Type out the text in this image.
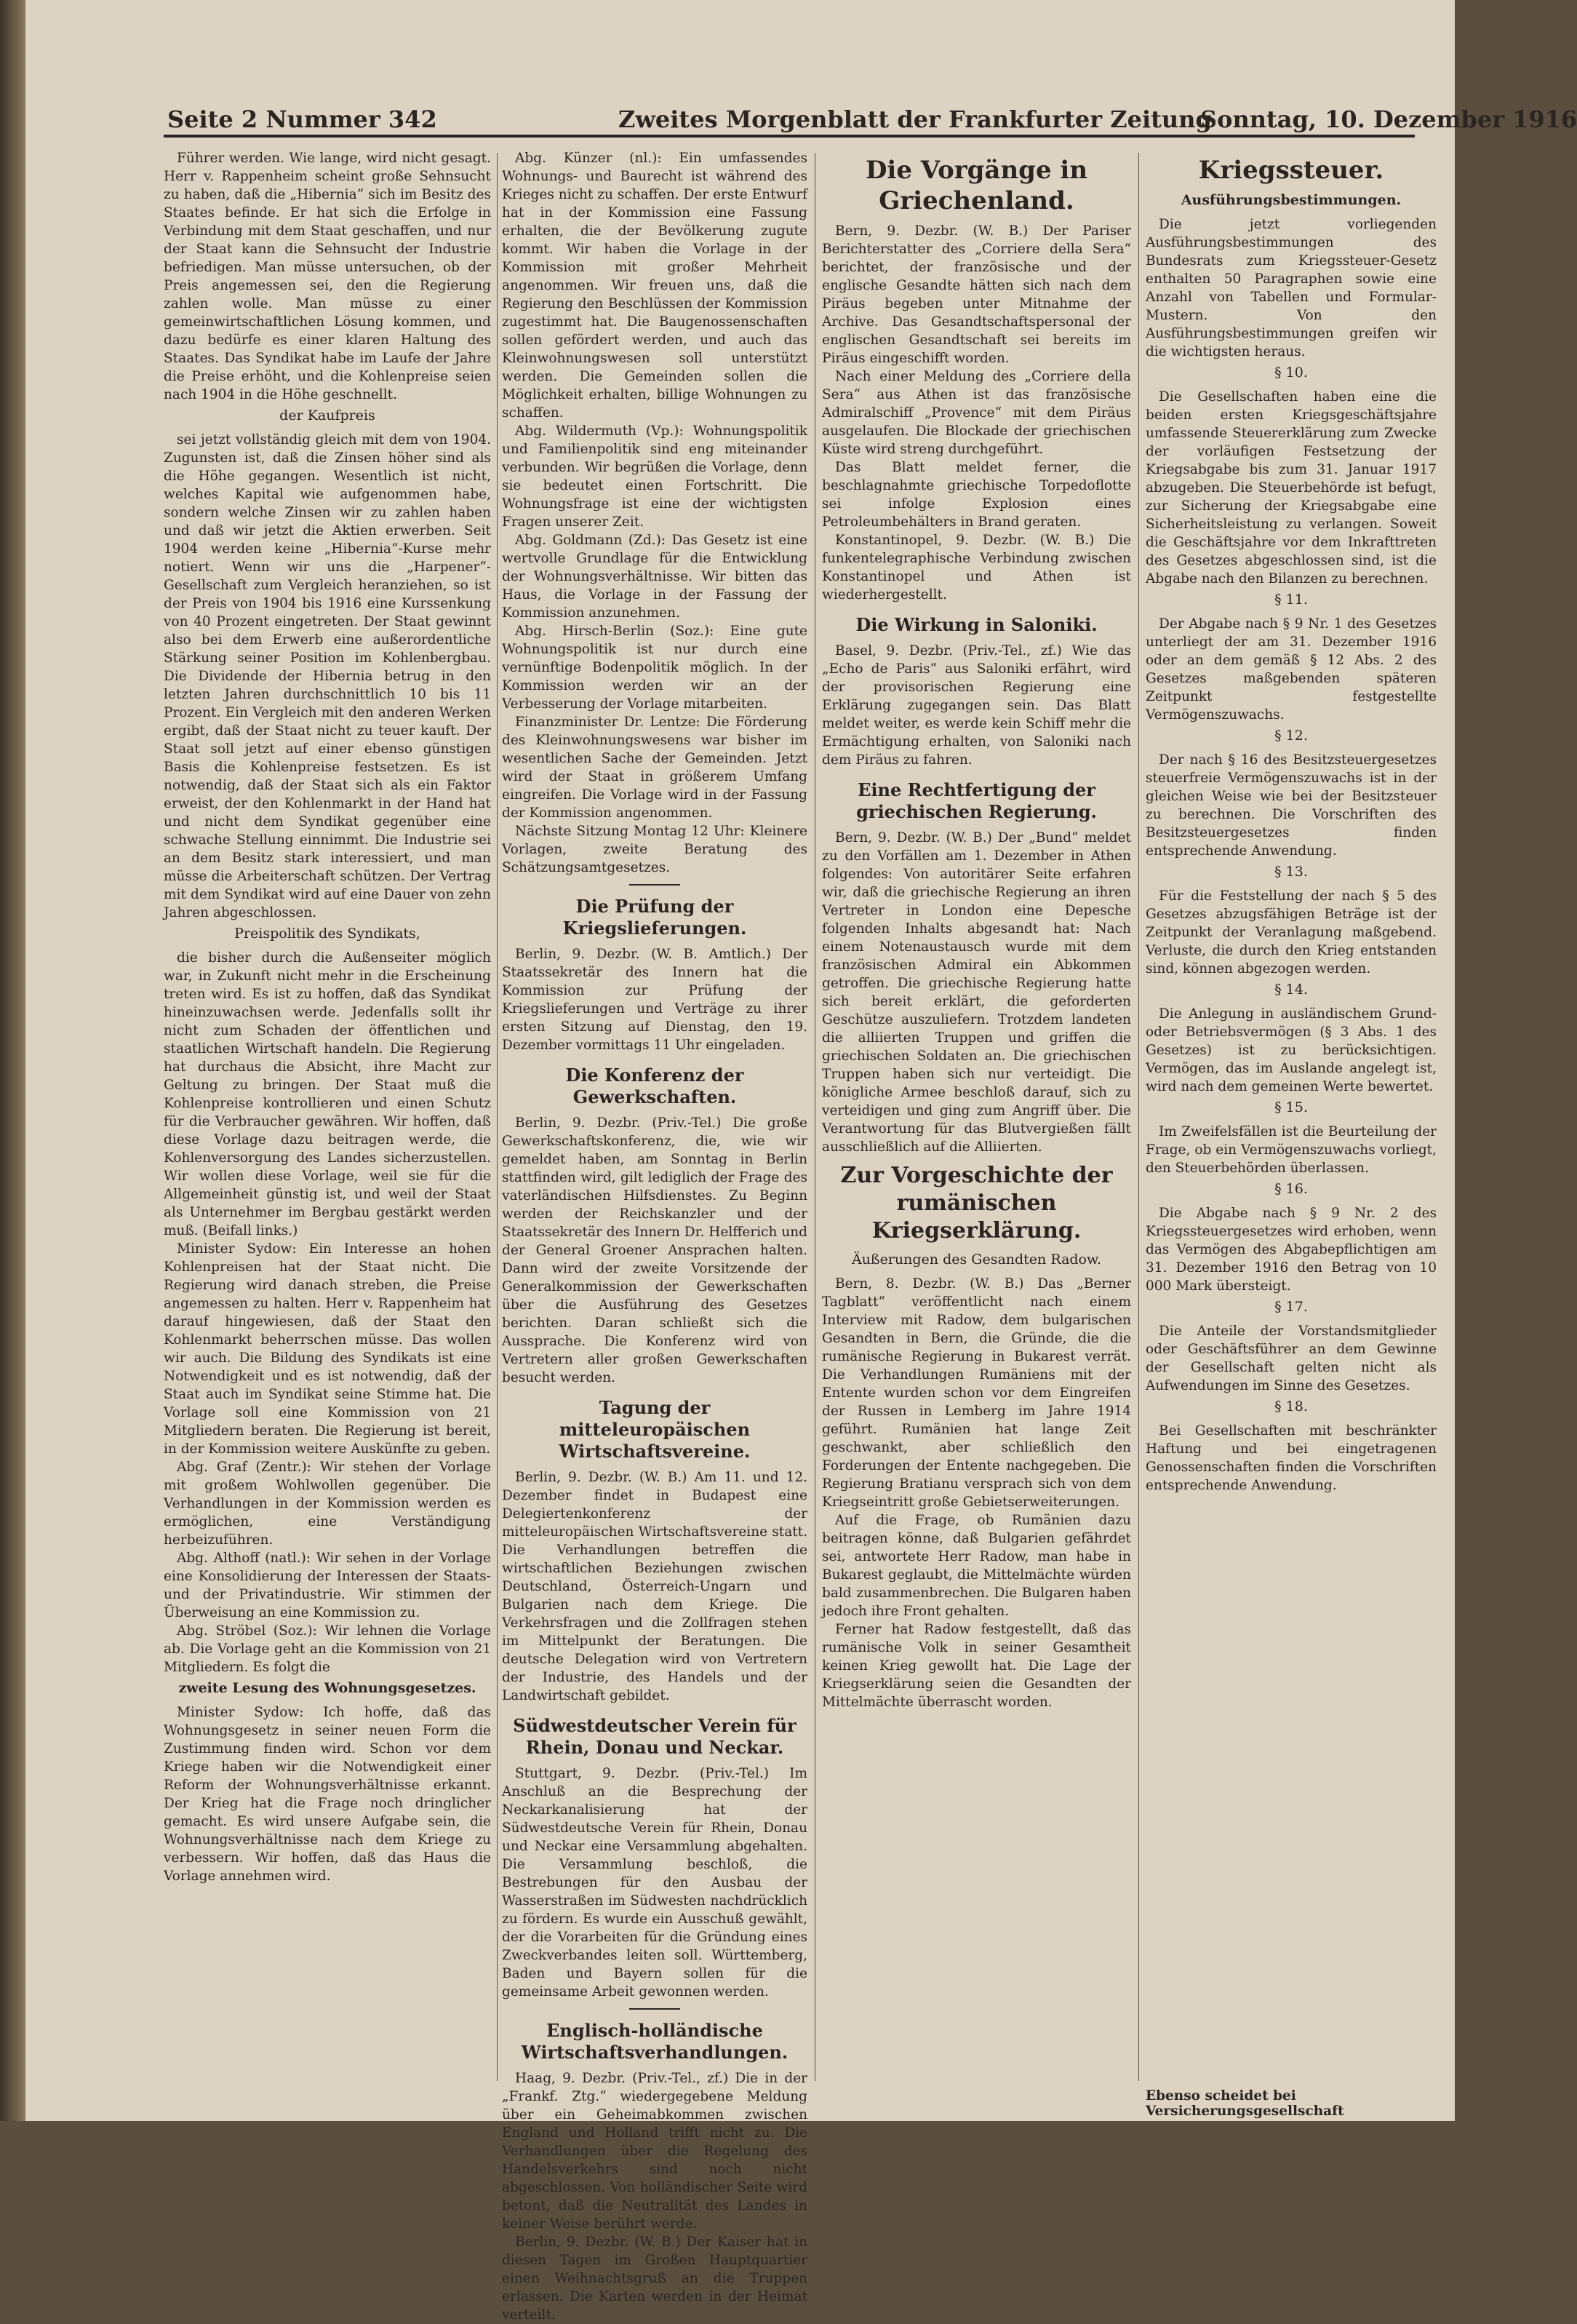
Seite 2 Nummer 342	Zweites Morgenblatt der Frankfurter Zeitung
Sonntag, 10. Dezember 1916

Führer werden. Wie lange, wird nicht gesagt. Herr v. Rappenheim scheint große Sehnsucht zu haben, daß die „Hibernia“ sich im Besitz des Staates befinde. Er hat sich die Erfolge in Verbindung mit dem Staat geschaffen, und nur der Staat kann die Sehnsucht der Industrie befriedigen. Man müsse untersuchen, ob der Preis angemessen sei, den die Regierung zahlen wolle. Man müsse zu einer gemeinwirtschaftlichen Lösung kommen, und dazu bedürfe es einer klaren Haltung des Staates. Das Syndikat habe im Laufe der Jahre die Preise erhöht, und die Kohlenpreise seien nach 1904 in die Höhe geschnellt.

der Kaufpreis

sei jetzt vollständig gleich mit dem von 1904. Zugunsten ist, daß die Zinsen höher sind als die Höhe gegangen. Wesentlich ist nicht, welches Kapital wie aufgenommen habe, sondern welche Zinsen wir zu zahlen haben und daß wir jetzt die Aktien erwerben. Seit 1904 werden keine „Hibernia“-Kurse mehr notiert. Wenn wir uns die „Harpener“-Gesellschaft zum Vergleich heranziehen, so ist der Preis von 1904 bis 1916 eine Kurssenkung von 40 Prozent eingetreten. Der Staat gewinnt also bei dem Erwerb eine außerordentliche Stärkung seiner Position im Kohlenbergbau. Die Dividende der Hibernia betrug in den letzten Jahren durchschnittlich 10 bis 11 Prozent. Ein Vergleich mit den anderen Werken ergibt, daß der Staat nicht zu teuer kauft. Der Staat soll jetzt auf einer ebenso günstigen Basis die Kohlenpreise festsetzen. Es ist notwendig, daß der Staat sich als ein Faktor erweist, der den Kohlenmarkt in der Hand hat und nicht dem Syndikat gegenüber eine schwache Stellung einnimmt. Die Industrie sei an dem Besitz stark interessiert, und man müsse die Arbeiterschaft schützen. Der Vertrag mit dem Syndikat wird auf eine Dauer von zehn Jahren abgeschlossen.

Preispolitik des Syndikats,

die bisher durch die Außenseiter möglich war, in Zukunft nicht mehr in die Erscheinung treten wird. Es ist zu hoffen, daß das Syndikat hineinzuwachsen werde. Jedenfalls sollt ihr nicht zum Schaden der öffentlichen und staatlichen Wirtschaft handeln. Die Regierung hat durchaus die Absicht, ihre Macht zur Geltung zu bringen. Der Staat muß die Kohlenpreise kontrollieren und einen Schutz für die Verbraucher gewähren. Wir hoffen, daß diese Vorlage dazu beitragen werde, die Kohlenversorgung des Landes sicherzustellen. Wir wollen diese Vorlage, weil sie für die Allgemeinheit günstig ist, und weil der Staat als Unternehmer im Bergbau gestärkt werden muß. (Beifall links.)

Minister Sydow: Ein Interesse an hohen Kohlenpreisen hat der Staat nicht. Die Regierung wird danach streben, die Preise angemessen zu halten. Herr v. Rappenheim hat darauf hingewiesen, daß der Staat den Kohlenmarkt beherrschen müsse. Das wollen wir auch. Die Bildung des Syndikats ist eine Notwendigkeit und es ist notwendig, daß der Staat auch im Syndikat seine Stimme hat. Die Vorlage soll eine Kommission von 21 Mitgliedern beraten. Die Regierung ist bereit, in der Kommission weitere Auskünfte zu geben.

Abg. Graf (Zentr.): Wir stehen der Vorlage mit großem Wohlwollen gegenüber. Die Verhandlungen in der Kommission werden es ermöglichen, eine Verständigung herbeizuführen.

Abg. Althoff (natl.): Wir sehen in der Vorlage eine Konsolidierung der Interessen der Staats- und der Privatindustrie. Wir stimmen der Überweisung an eine Kommission zu.

Abg. Ströbel (Soz.): Wir lehnen die Vorlage ab. Die Vorlage geht an die Kommission von 21 Mitgliedern. Es folgt die

zweite Lesung des Wohnungsgesetzes.

Minister Sydow: Ich hoffe, daß das Wohnungsgesetz in seiner neuen Form die Zustimmung finden wird. Schon vor dem Kriege haben wir die Notwendigkeit einer Reform der Wohnungsverhältnisse erkannt. Der Krieg hat die Frage noch dringlicher gemacht. Es wird unsere Aufgabe sein, die Wohnungsverhältnisse nach dem Kriege zu verbessern. Wir hoffen, daß das Haus die Vorlage annehmen wird.

Abg. Künzer (nl.): Ein umfassendes Wohnungs- und Baurecht ist während des Krieges nicht zu schaffen. Der erste Entwurf hat in der Kommission eine Fassung erhalten, die der Bevölkerung zugute kommt. Wir haben die Vorlage in der Kommission mit großer Mehrheit angenommen. Wir freuen uns, daß die Regierung den Beschlüssen der Kommission zugestimmt hat. Die Baugenossenschaften sollen gefördert werden, und auch das Kleinwohnungswesen soll unterstützt werden. Die Gemeinden sollen die Möglichkeit erhalten, billige Wohnungen zu schaffen.

Abg. Wildermuth (Vp.): Wohnungspolitik und Familienpolitik sind eng miteinander verbunden. Wir begrüßen die Vorlage, denn sie bedeutet einen Fortschritt. Die Wohnungsfrage ist eine der wichtigsten Fragen unserer Zeit.

Abg. Goldmann (Zd.): Das Gesetz ist eine wertvolle Grundlage für die Entwicklung der Wohnungsverhältnisse. Wir bitten das Haus, die Vorlage in der Fassung der Kommission anzunehmen.

Abg. Hirsch-Berlin (Soz.): Eine gute Wohnungspolitik ist nur durch eine vernünftige Bodenpolitik möglich. In der Kommission werden wir an der Verbesserung der Vorlage mitarbeiten.

Finanzminister Dr. Lentze: Die Förderung des Kleinwohnungswesens war bisher im wesentlichen Sache der Gemeinden. Jetzt wird der Staat in größerem Umfang eingreifen. Die Vorlage wird in der Fassung der Kommission angenommen.

Nächste Sitzung Montag 12 Uhr: Kleinere Vorlagen, zweite Beratung des Schätzungsamtgesetzes.

Die Prüfung der Kriegslieferungen.

Berlin, 9. Dezbr. (W. B. Amtlich.) Der Staatssekretär des Innern hat die Kommission zur Prüfung der Kriegslieferungen und Verträge zu ihrer ersten Sitzung auf Dienstag, den 19. Dezember vormittags 11 Uhr eingeladen.

Die Konferenz der Gewerkschaften.

Berlin, 9. Dezbr. (Priv.-Tel.) Die große Gewerkschaftskonferenz, die, wie wir gemeldet haben, am Sonntag in Berlin stattfinden wird, gilt lediglich der Frage des vaterländischen Hilfsdienstes. Zu Beginn werden der Reichskanzler und der Staatssekretär des Innern Dr. Helfferich und der General Groener Ansprachen halten. Dann wird der zweite Vorsitzende der Generalkommission der Gewerkschaften über die Ausführung des Gesetzes berichten. Daran schließt sich die Aussprache. Die Konferenz wird von Vertretern aller großen Gewerkschaften besucht werden.

Tagung der mitteleuropäischen Wirtschaftsvereine.

Berlin, 9. Dezbr. (W. B.) Am 11. und 12. Dezember findet in Budapest eine Delegiertenkonferenz der mitteleuropäischen Wirtschaftsvereine statt. Die Verhandlungen betreffen die wirtschaftlichen Beziehungen zwischen Deutschland, Österreich-Ungarn und Bulgarien nach dem Kriege. Die Verkehrsfragen und die Zollfragen stehen im Mittelpunkt der Beratungen. Die deutsche Delegation wird von Vertretern der Industrie, des Handels und der Landwirtschaft gebildet.

Südwestdeutscher Verein für Rhein, Donau und Neckar.

Stuttgart, 9. Dezbr. (Priv.-Tel.) Im Anschluß an die Besprechung der Neckarkanalisierung hat der Südwestdeutsche Verein für Rhein, Donau und Neckar eine Versammlung abgehalten. Die Versammlung beschloß, die Bestrebungen für den Ausbau der Wasserstraßen im Südwesten nachdrücklich zu fördern. Es wurde ein Ausschuß gewählt, der die Vorarbeiten für die Gründung eines Zweckverbandes leiten soll. Württemberg, Baden und Bayern sollen für die gemeinsame Arbeit gewonnen werden.

Englisch-holländische Wirtschaftsverhandlungen.

Haag, 9. Dezbr. (Priv.-Tel., zf.) Die in der „Frankf. Ztg.“ wiedergegebene Meldung über ein Geheimabkommen zwischen England und Holland trifft nicht zu. Die Verhandlungen über die Regelung des Handelsverkehrs sind noch nicht abgeschlossen. Von holländischer Seite wird betont, daß die Neutralität des Landes in keiner Weise berührt werde.

Berlin, 9. Dezbr. (W. B.) Der Kaiser hat in diesen Tagen im Großen Hauptquartier einen Weihnachtsgruß an die Truppen erlassen. Die Karten werden in der Heimat verteilt.

Die Vorgänge in Griechenland.

Bern, 9. Dezbr. (W. B.) Der Pariser Berichterstatter des „Corriere della Sera“ berichtet, der französische und der englische Gesandte hätten sich nach dem Piräus begeben unter Mitnahme der Archive. Das Gesandtschaftspersonal der englischen Gesandtschaft sei bereits im Piräus eingeschifft worden.

Nach einer Meldung des „Corriere della Sera“ aus Athen ist das französische Admiralschiff „Provence“ mit dem Piräus ausgelaufen. Die Blockade der griechischen Küste wird streng durchgeführt.

Das Blatt meldet ferner, die beschlagnahmte griechische Torpedoflotte sei infolge Explosion eines Petroleumbehälters in Brand geraten.

Konstantinopel, 9. Dezbr. (W. B.) Die funkentelegraphische Verbindung zwischen Konstantinopel und Athen ist wiederhergestellt.

Die Wirkung in Saloniki.

Basel, 9. Dezbr. (Priv.-Tel., zf.) Wie das „Echo de Paris“ aus Saloniki erfährt, wird der provisorischen Regierung eine Erklärung zugegangen sein. Das Blatt meldet weiter, es werde kein Schiff mehr die Ermächtigung erhalten, von Saloniki nach dem Piräus zu fahren.

Eine Rechtfertigung der griechischen Regierung.

Bern, 9. Dezbr. (W. B.) Der „Bund“ meldet zu den Vorfällen am 1. Dezember in Athen folgendes: Von autoritärer Seite erfahren wir, daß die griechische Regierung an ihren Vertreter in London eine Depesche folgenden Inhalts abgesandt hat: Nach einem Notenaustausch wurde mit dem französischen Admiral ein Abkommen getroffen. Die griechische Regierung hatte sich bereit erklärt, die geforderten Geschütze auszuliefern. Trotzdem landeten die alliierten Truppen und griffen die griechischen Soldaten an. Die griechischen Truppen haben sich nur verteidigt. Die königliche Armee beschloß darauf, sich zu verteidigen und ging zum Angriff über. Die Verantwortung für das Blutvergießen fällt ausschließlich auf die Alliierten.

Zur Vorgeschichte der rumänischen Kriegserklärung.
Äußerungen des Gesandten Radow.

Bern, 8. Dezbr. (W. B.) Das „Berner Tagblatt“ veröffentlicht nach einem Interview mit Radow, dem bulgarischen Gesandten in Bern, die Gründe, die die rumänische Regierung in Bukarest verrät. Die Verhandlungen Rumäniens mit der Entente wurden schon vor dem Eingreifen der Russen in Lemberg im Jahre 1914 geführt. Rumänien hat lange Zeit geschwankt, aber schließlich den Forderungen der Entente nachgegeben. Die Regierung Bratianu versprach sich von dem Kriegseintritt große Gebietserweiterungen.

Auf die Frage, ob Rumänien dazu beitragen könne, daß Bulgarien gefährdet sei, antwortete Herr Radow, man habe in Bukarest geglaubt, die Mittelmächte würden bald zusammenbrechen. Die Bulgaren haben jedoch ihre Front gehalten.

Ferner hat Radow festgestellt, daß das rumänische Volk in seiner Gesamtheit keinen Krieg gewollt hat. Die Lage der Kriegserklärung seien die Gesandten der Mittelmächte überrascht worden.

Kriegssteuer.
Ausführungsbestimmungen.

Die jetzt vorliegenden Ausführungsbestimmungen des Bundesrats zum Kriegssteuer-Gesetz enthalten 50 Paragraphen sowie eine Anzahl von Tabellen und Formular-Mustern. Von den Ausführungsbestimmungen greifen wir die wichtigsten heraus.

§ 10.

Die Gesellschaften haben eine die beiden ersten Kriegsgeschäftsjahre umfassende Steuererklärung zum Zwecke der vorläufigen Festsetzung der Kriegsabgabe bis zum 31. Januar 1917 abzugeben. Die Steuerbehörde ist befugt, zur Sicherung der Kriegsabgabe eine Sicherheitsleistung zu verlangen. Soweit die Geschäftsjahre vor dem Inkrafttreten des Gesetzes abgeschlossen sind, ist die Abgabe nach den Bilanzen zu berechnen.

§ 11.

Der Abgabe nach § 9 Nr. 1 des Gesetzes unterliegt der am 31. Dezember 1916 oder an dem gemäß § 12 Abs. 2 des Gesetzes maßgebenden späteren Zeitpunkt festgestellte Vermögenszuwachs.

§ 12.

Der nach § 16 des Besitzsteuergesetzes steuerfreie Vermögenszuwachs ist in der gleichen Weise wie bei der Besitzsteuer zu berechnen. Die Vorschriften des Besitzsteuergesetzes finden entsprechende Anwendung.

§ 13.

Für die Feststellung der nach § 5 des Gesetzes abzugsfähigen Beträge ist der Zeitpunkt der Veranlagung maßgebend. Verluste, die durch den Krieg entstanden sind, können abgezogen werden.

§ 14.

Die Anlegung in ausländischem Grund- oder Betriebsvermögen (§ 3 Abs. 1 des Gesetzes) ist zu berücksichtigen. Vermögen, das im Auslande angelegt ist, wird nach dem gemeinen Werte bewertet.

§ 15.

Im Zweifelsfällen ist die Beurteilung der Frage, ob ein Vermögenszuwachs vorliegt, den Steuerbehörden überlassen.

§ 16.

Die Abgabe nach § 9 Nr. 2 des Kriegssteuergesetzes wird erhoben, wenn das Vermögen des Abgabepflichtigen am 31. Dezember 1916 den Betrag von 10 000 Mark übersteigt.

§ 17.

Die Anteile der Vorstandsmitglieder oder Geschäftsführer an dem Gewinne der Gesellschaft gelten nicht als Aufwendungen im Sinne des Gesetzes.

§ 18.

Bei Gesellschaften mit beschränkter Haftung und bei eingetragenen Genossenschaften finden die Vorschriften entsprechende Anwendung.

Ebenso scheidet bei Versicherungsgesellschaft
